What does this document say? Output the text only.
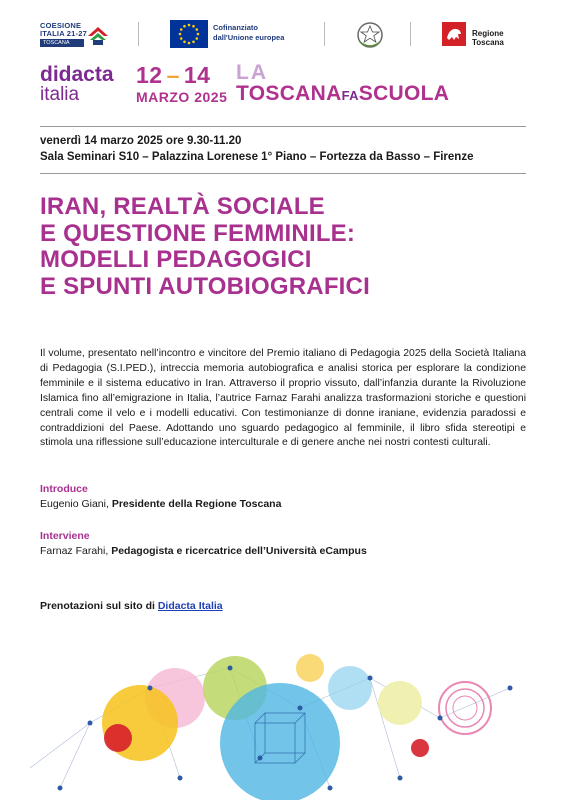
COESIONE
ITALIA 21-27
TOSCANA
Cofinanziato
dall'Unione europea	Regione Toscana
didacta
italia
12 – 14
MARZO 2025
LA
TOSCANAFASCUOLA
venerdì 14 marzo 2025 ore 9.30-11.20
Sala Seminari S10 – Palazzina Lorenese 1° Piano – Fortezza da Basso – Firenze
IRAN, REALTÀ SOCIALE
E QUESTIONE FEMMINILE:
MODELLI PEDAGOGICI
E SPUNTI AUTOBIOGRAFICI
Il volume, presentato nell’incontro e vincitore del Premio italiano di Pedagogia 2025 della Società Italiana di Pedagogia (S.I.PED.), intreccia memoria autobiografica e analisi storica per esplorare la condizione femminile e il sistema educativo in Iran. Attraverso il proprio vissuto, dall’infanzia durante la Rivoluzione Islamica fino all’emigrazione in Italia, l’autrice Farnaz Farahi analizza trasformazioni storiche e questioni centrali come il velo e i modelli educativi. Con testimonianze di donne iraniane, evidenzia paradossi e contraddizioni del Paese. Adottando uno sguardo pedagogico al femminile, il libro sfida stereotipi e stimola una riflessione sull’educazione interculturale e di genere anche nei nostri contesti culturali.
Introduce
Eugenio Giani, Presidente della Regione Toscana
Interviene
Farnaz Farahi, Pedagogista e ricercatrice dell’Università eCampus
Prenotazioni sul sito di Didacta Italia
